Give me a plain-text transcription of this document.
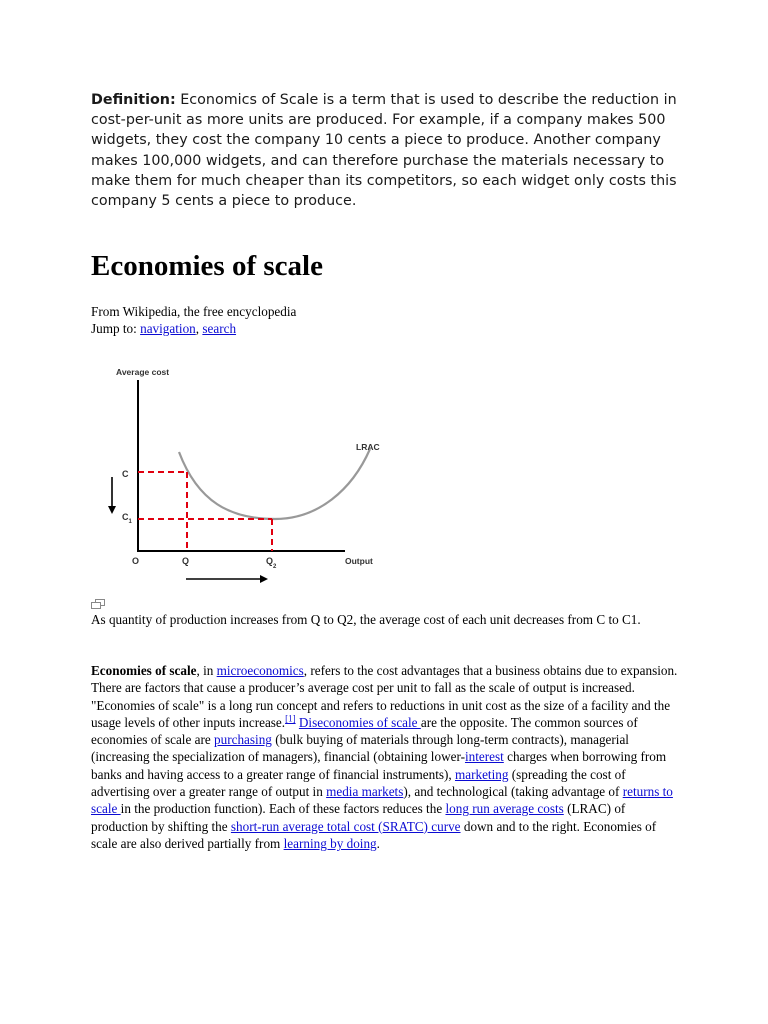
Definition: Economics of Scale is a term that is used to describe the reduction in cost-per-unit as more units are produced. For example, if a company makes 500 widgets, they cost the company 10 cents a piece to produce. Another company makes 100,000 widgets, and can therefore purchase the materials necessary to make them for much cheaper than its competitors, so each widget only costs this company 5 cents a piece to produce.
Economies of scale
From Wikipedia, the free encyclopedia
Jump to: navigation, search
Average cost
LRAC
C
$C_1$
O	Q	$Q_2$
Output
As quantity of production increases from Q to Q2, the average cost of each unit decreases from C to C1.
Economies of scale, in microeconomics, refers to the cost advantages that a business obtains due to expansion. There are factors that cause a producer’s average cost per unit to fall as the scale of output is increased. "Economies of scale" is a long run concept and refers to reductions in unit cost as the size of a facility and the usage levels of other inputs increase.[1] Diseconomies of scale are the opposite. The common sources of economies of scale are purchasing (bulk buying of materials through long-term contracts), managerial (increasing the specialization of managers), financial (obtaining lower-interest charges when borrowing from banks and having access to a greater range of financial instruments), marketing (spreading the cost of advertising over a greater range of output in media markets), and technological (taking advantage of returns to scale in the production function). Each of these factors reduces the long run average costs (LRAC) of production by shifting the short-run average total cost (SRATC) curve down and to the right. Economies of scale are also derived partially from learning by doing.
